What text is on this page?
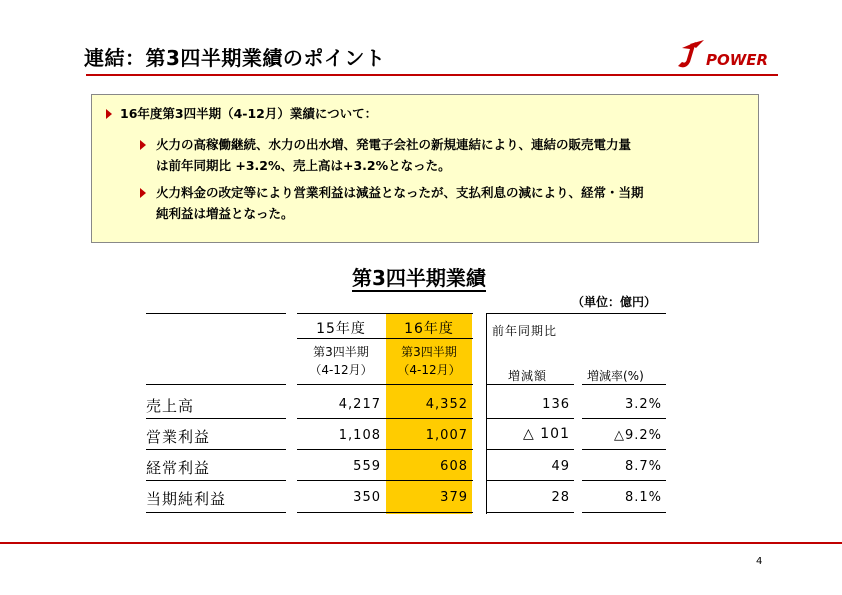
連結：第3四半期業績のポイント	POWER
16年度第3四半期（4-12月）業績について：
火力の高稼働継続、水力の出水増、発電子会社の新規連結により、連結の販売電力量
は前年同期比 +3.2%、売上高は+3.2%となった。
火力料金の改定等により営業利益は減益となったが、支払利息の減により、経常・当期
純利益は増益となった。
第3四半期業績
（単位：億円）
15年度	16年度	前年同期比
第3四半期	第3四半期
（4-12月）	（4-12月）	増減額	増減率(%)
売上高	4,217	4,352	136	3.2%
営業利益	1,108	1,007	△ 101	△9.2%
経常利益	559	608	49	8.7%
当期純利益	350	379	28	8.1%
4
